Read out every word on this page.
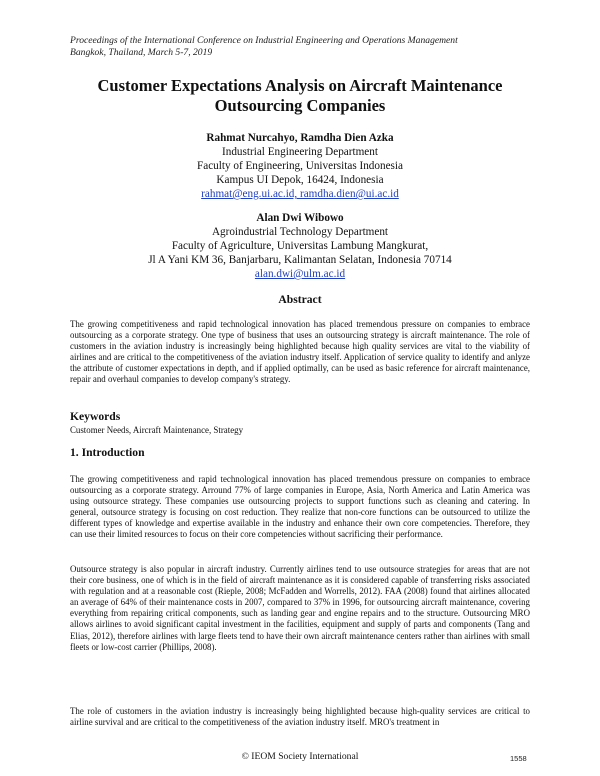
Proceedings of the International Conference on Industrial Engineering and Operations Management
Bangkok, Thailand, March 5-7, 2019
Customer Expectations Analysis on Aircraft Maintenance
Outsourcing Companies
Rahmat Nurcahyo, Ramdha Dien Azka
Industrial Engineering Department
Faculty of Engineering, Universitas Indonesia
Kampus UI Depok, 16424, Indonesia
rahmat@eng.ui.ac.id, ramdha.dien@ui.ac.id
Alan Dwi Wibowo
Agroindustrial Technology Department
Faculty of Agriculture, Universitas Lambung Mangkurat,
Jl A Yani KM 36, Banjarbaru, Kalimantan Selatan, Indonesia 70714
alan.dwi@ulm.ac.id
Abstract
The growing competitiveness and rapid technological innovation has placed tremendous pressure on companies to embrace outsourcing as a corporate strategy. One type of business that uses an outsourcing strategy is aircraft maintenance. The role of customers in the aviation industry is increasingly being highlighted because high quality services are vital to the viability of airlines and are critical to the competitiveness of the aviation industry itself. Application of service quality to identify and anlyze the attribute of customer expectations in depth, and if applied optimally, can be used as basic reference for aircraft maintenance, repair and overhaul companies to develop company's strategy.
Keywords
Customer Needs, Aircraft Maintenance, Strategy
1. Introduction
The growing competitiveness and rapid technological innovation has placed tremendous pressure on companies to embrace outsourcing as a corporate strategy. Arround 77% of large companies in Europe, Asia, North America and Latin America was using outsource strategy. These companies use outsourcing projects to support functions such as cleaning and catering. In general, outsource strategy is focusing on cost reduction. They realize that non-core functions can be outsourced to utilize the different types of knowledge and expertise available in the industry and enhance their own core competencies. Therefore, they can use their limited resources to focus on their core competencies without sacrificing their performance.
Outsource strategy is also popular in aircraft industry. Currently airlines tend to use outsource strategies for areas that are not their core business, one of which is in the field of aircraft maintenance as it is considered capable of transferring risks associated with regulation and at a reasonable cost (Rieple, 2008; McFadden and Worrells, 2012). FAA (2008) found that airlines allocated an average of 64% of their maintenance costs in 2007, compared to 37% in 1996, for outsourcing aircraft maintenance, covering everything from repairing critical components, such as landing gear and engine repairs and to the structure. Outsourcing MRO allows airlines to avoid significant capital investment in the facilities, equipment and supply of parts and components (Tang and Elias, 2012), therefore airlines with large fleets tend to have their own aircraft maintenance centers rather than airlines with small fleets or low-cost carrier (Phillips, 2008).
The role of customers in the aviation industry is increasingly being highlighted because high-quality services are critical to airline survival and are critical to the competitiveness of the aviation industry itself. MRO's treatment in
© IEOM Society International	1558
